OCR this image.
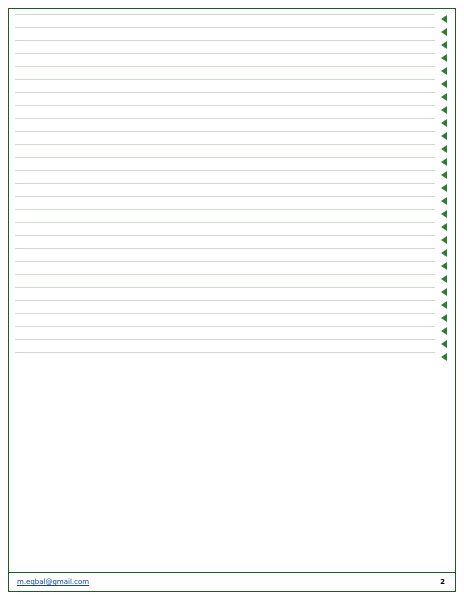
m.eqbal@gmail.com	2
